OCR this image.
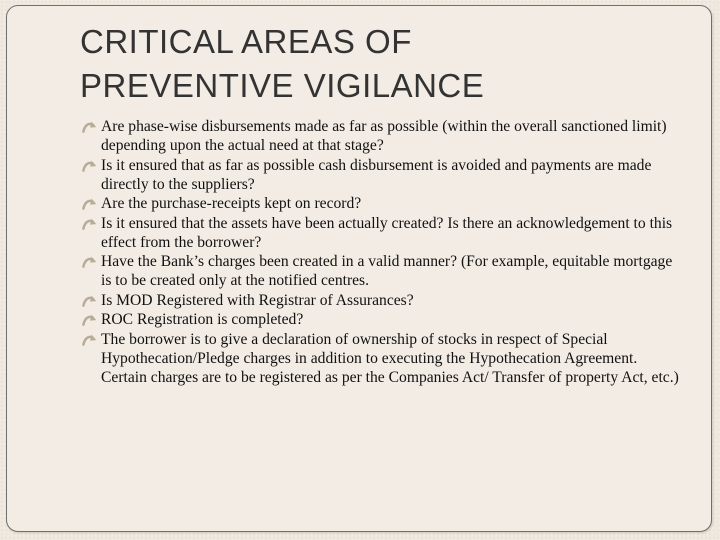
CRITICAL AREAS OF
PREVENTIVE VIGILANCE
Are phase-wise disbursements made as far as possible (within the overall sanctioned limit) depending upon the actual need at that stage?
Is it ensured that as far as possible cash disbursement is avoided and payments are made directly to the suppliers?
Are the purchase-receipts kept on record?
Is it ensured that the assets have been actually created? Is there an acknowledgement to this effect from the borrower?
Have the Bank’s charges been created in a valid manner? (For example, equitable mortgage is to be created only at the notified centres.
Is MOD Registered with Registrar of Assurances?
ROC Registration is completed?
The borrower is to give a declaration of ownership of stocks in respect of Special Hypothecation/Pledge charges in addition to executing the Hypothecation Agreement. Certain charges are to be registered as per the Companies Act/ Transfer of property Act, etc.)
